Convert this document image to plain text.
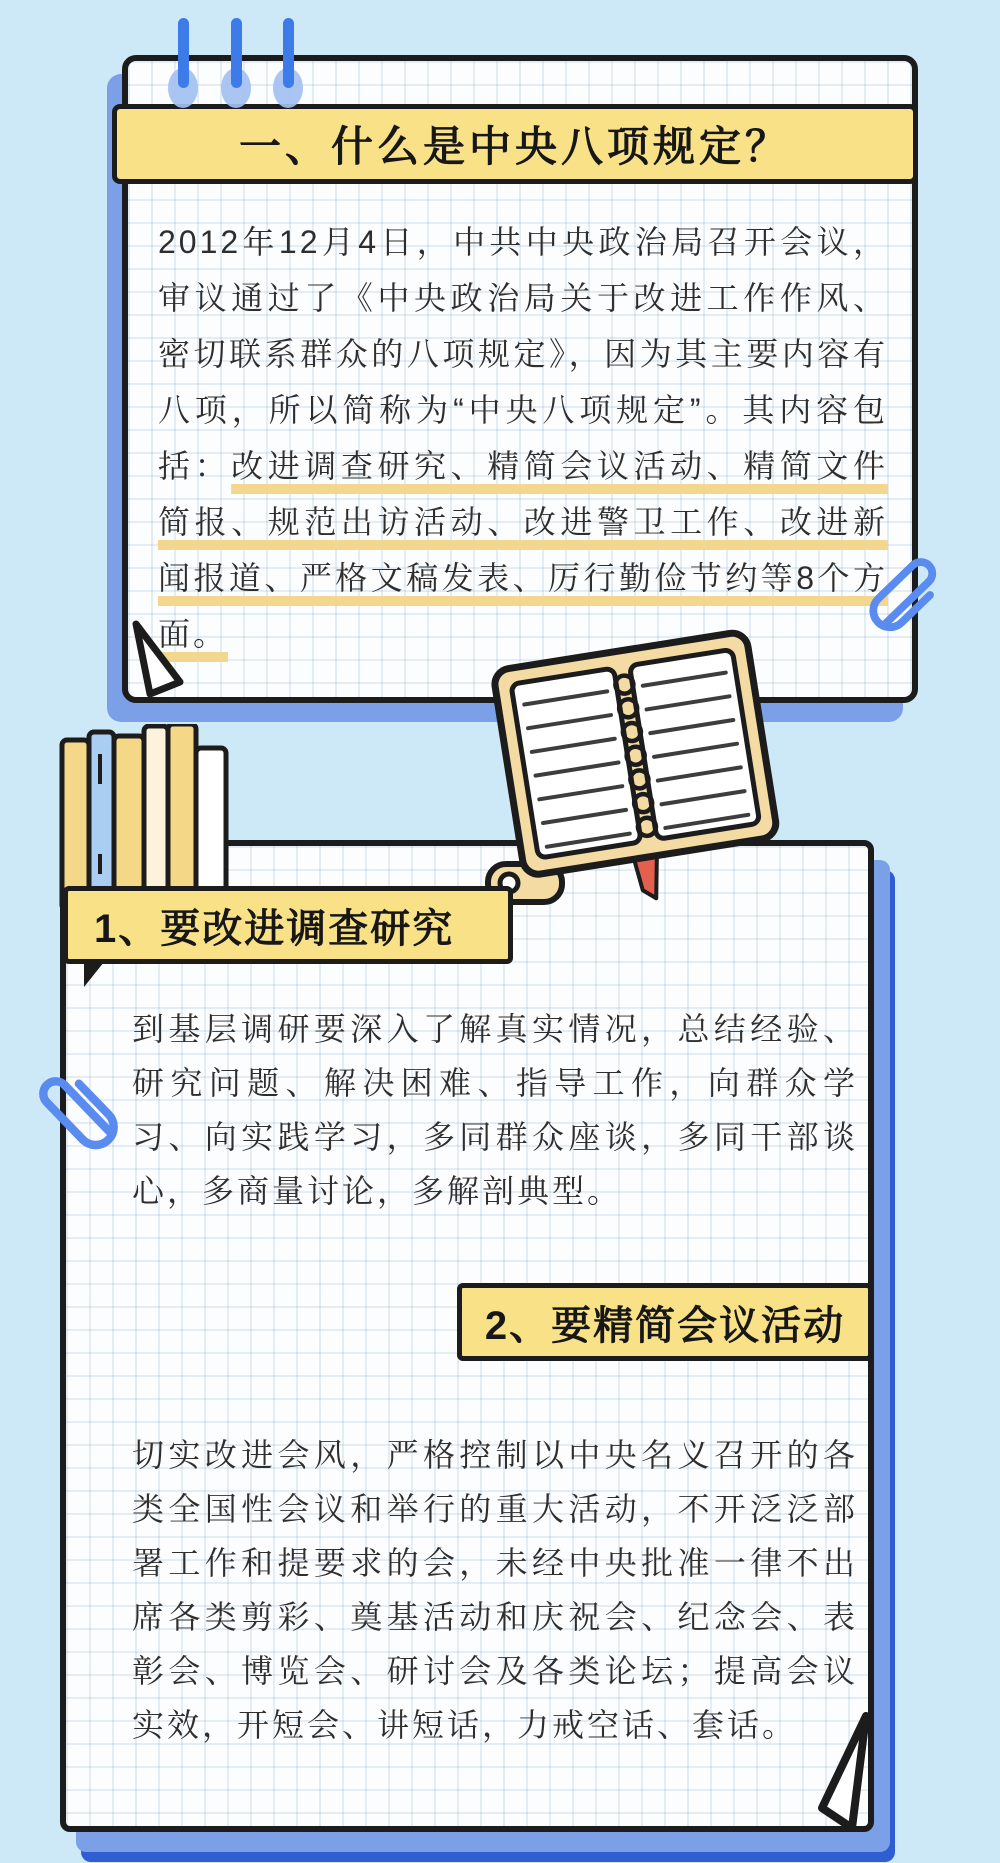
一、什么是中央八项规定？
2012年12月4日，中共中央政治局召开会议，审议通过了《中央政治局关于改进工作作风、密切联系群众的八项规定》，因为其主要内容有八项，所以简称为“中央八项规定”。其内容包括：改进调查研究、精简会议活动、精简文件简报、规范出访活动、改进警卫工作、改进新闻报道、严格文稿发表、厉行勤俭节约等8个方面。
1、要改进调查研究
到基层调研要深入了解真实情况，总结经验、研究问题、解决困难、指导工作，向群众学习、向实践学习，多同群众座谈，多同干部谈心，多商量讨论，多解剖典型。
2、要精简会议活动
切实改进会风，严格控制以中央名义召开的各类全国性会议和举行的重大活动，不开泛泛部署工作和提要求的会，未经中央批准一律不出席各类剪彩、奠基活动和庆祝会、纪念会、表彰会、博览会、研讨会及各类论坛；提高会议实效，开短会、讲短话，力戒空话、套话。
